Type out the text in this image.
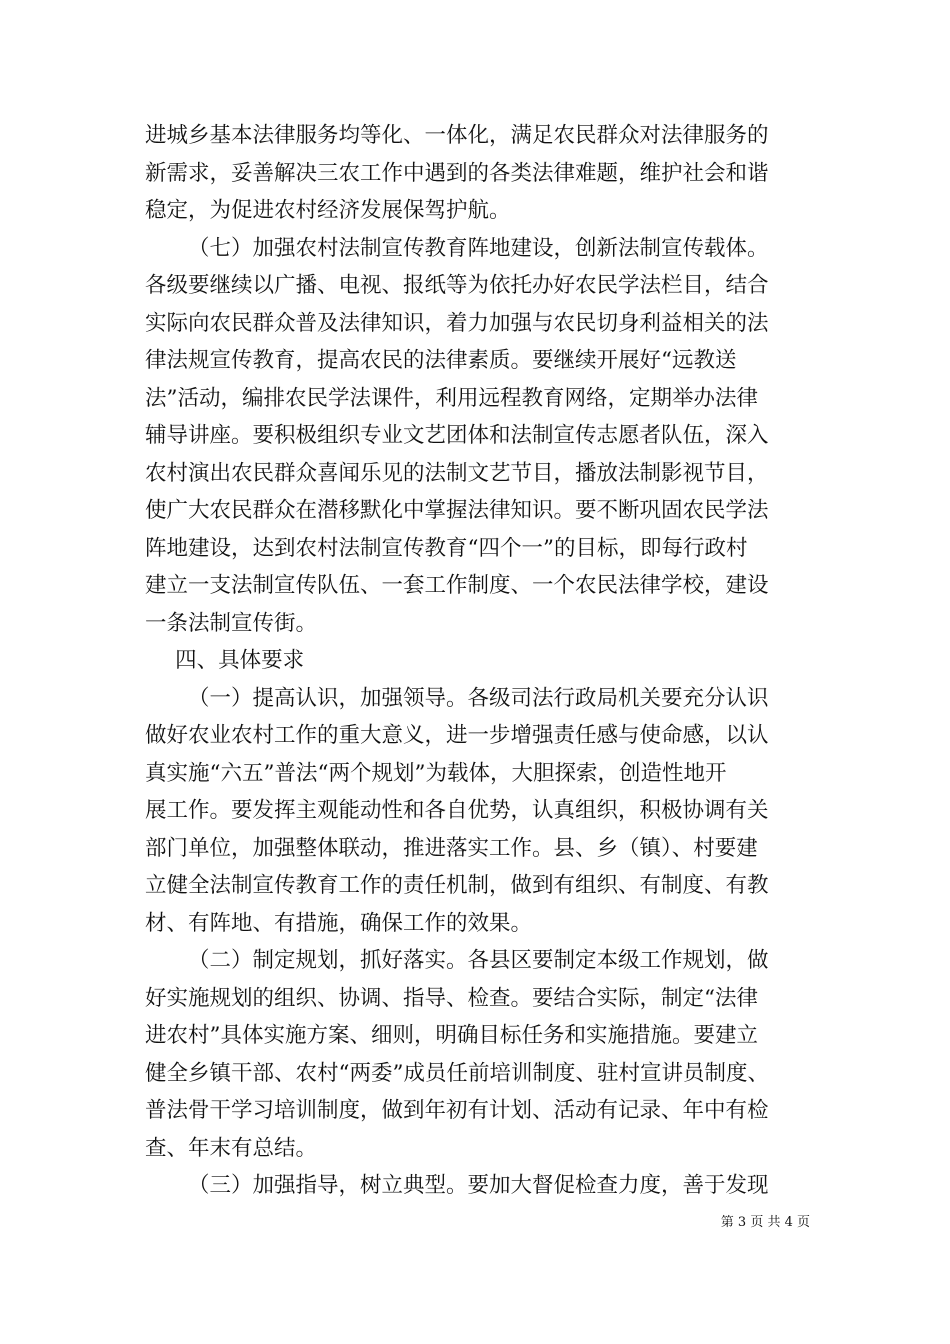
进城乡基本法律服务均等化、一体化，满足农民群众对法律服务的
新需求，妥善解决三农工作中遇到的各类法律难题，维护社会和谐
稳定，为促进农村经济发展保驾护航。
（七）加强农村法制宣传教育阵地建设，创新法制宣传载体。
各级要继续以广播、电视、报纸等为依托办好农民学法栏目，结合
实际向农民群众普及法律知识，着力加强与农民切身利益相关的法
律法规宣传教育，提高农民的法律素质。要继续开展好“远教送
法”活动，编排农民学法课件，利用远程教育网络，定期举办法律
辅导讲座。要积极组织专业文艺团体和法制宣传志愿者队伍，深入
农村演出农民群众喜闻乐见的法制文艺节目，播放法制影视节目，
使广大农民群众在潜移默化中掌握法律知识。要不断巩固农民学法
阵地建设，达到农村法制宣传教育“四个一”的目标，即每行政村
建立一支法制宣传队伍、一套工作制度、一个农民法律学校，建设
一条法制宣传街。
四、具体要求
（一）提高认识，加强领导。各级司法行政局机关要充分认识
做好农业农村工作的重大意义，进一步增强责任感与使命感，以认
真实施“六五”普法“两个规划”为载体，大胆探索，创造性地开
展工作。要发挥主观能动性和各自优势，认真组织，积极协调有关
部门单位，加强整体联动，推进落实工作。县、乡（镇）、村要建
立健全法制宣传教育工作的责任机制，做到有组织、有制度、有教
材、有阵地、有措施，确保工作的效果。
（二）制定规划，抓好落实。各县区要制定本级工作规划，做
好实施规划的组织、协调、指导、检查。要结合实际，制定“法律
进农村”具体实施方案、细则，明确目标任务和实施措施。要建立
健全乡镇干部、农村“两委”成员任前培训制度、驻村宣讲员制度、
普法骨干学习培训制度，做到年初有计划、活动有记录、年中有检
查、年末有总结。
（三）加强指导，树立典型。要加大督促检查力度，善于发现
第 3 页 共 4 页
